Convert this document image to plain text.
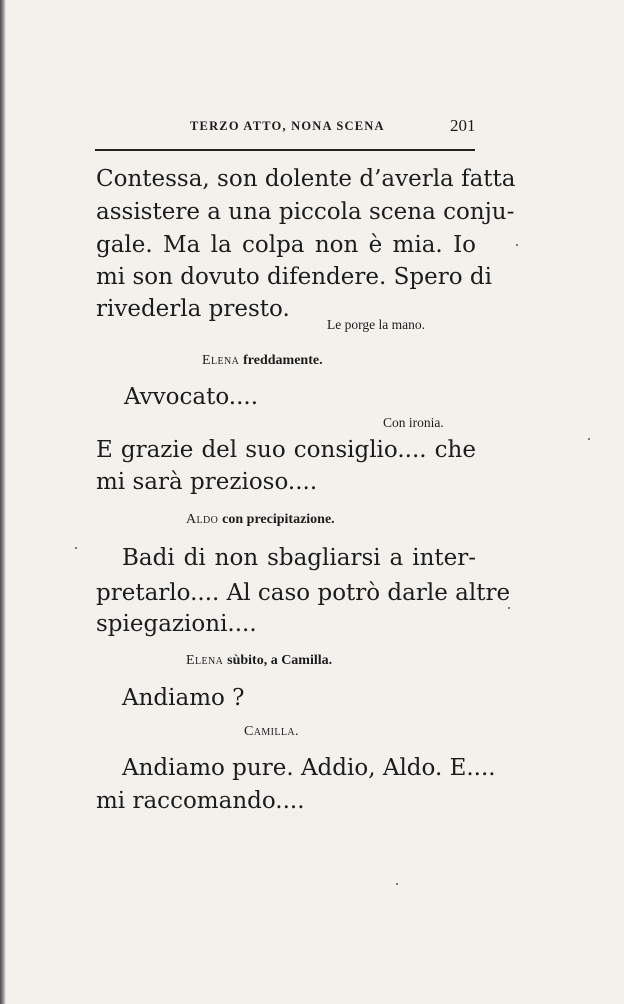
TERZO ATTO, NONA SCENA	201
Contessa, son dolente d’averla fatta
assistere a una piccola scena conju-
gale. Ma la colpa non è mia. Io
mi son dovuto difendere. Spero di
rivederla presto.
Le porge la mano.
Elena freddamente.
Avvocato....
Con ironia.
E grazie del suo consiglio.... che
mi sarà prezioso....
Aldo con precipitazione.
Badi di non sbagliarsi a inter-
pretarlo.... Al caso potrò darle altre
spiegazioni....
Elena sùbito, a Camilla.
Andiamo ?
Camilla.
Andiamo pure. Addio, Aldo. E....
mi raccomando....
